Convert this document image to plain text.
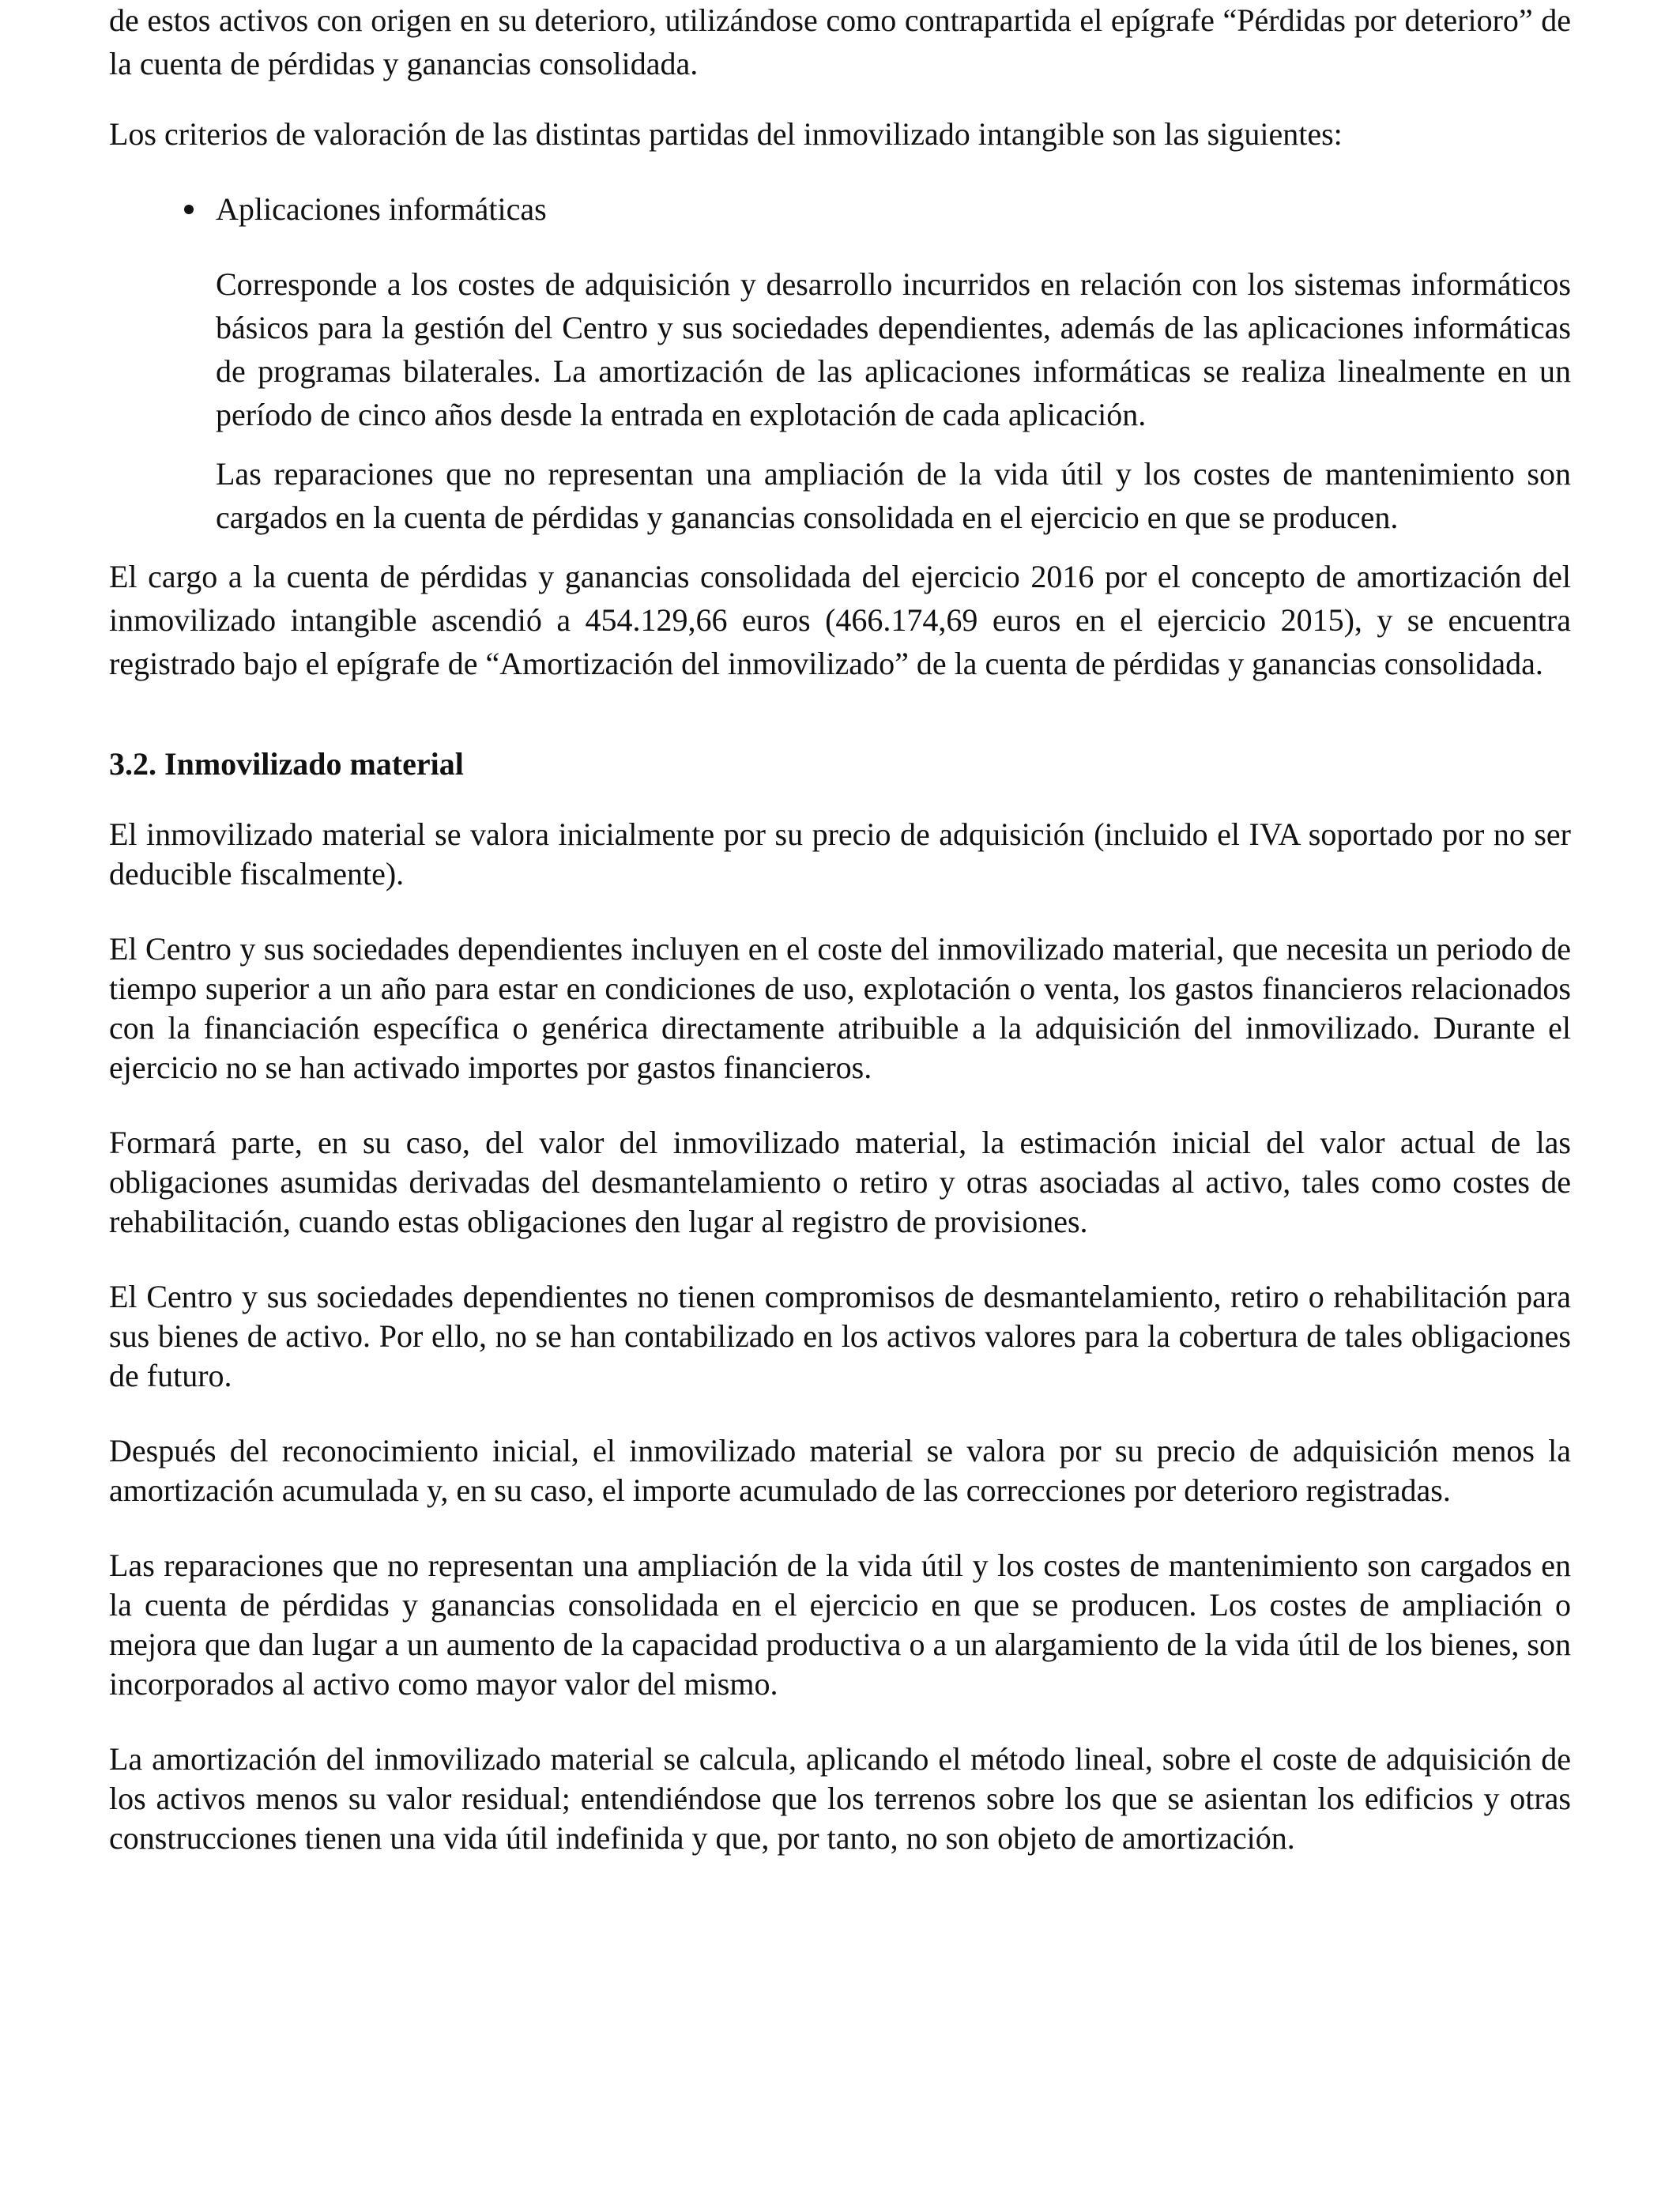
de estos activos con origen en su deterioro, utilizándose como contrapartida el epígrafe “Pérdidas por deterioro” de la cuenta de pérdidas y ganancias consolidada.

Los criterios de valoración de las distintas partidas del inmovilizado intangible son las siguientes:

Aplicaciones informáticas

Corresponde a los costes de adquisición y desarrollo incurridos en relación con los sistemas informáticos básicos para la gestión del Centro y sus sociedades dependientes, además de las aplicaciones informáticas de programas bilaterales. La amortización de las aplicaciones informáticas se realiza linealmente en un período de cinco años desde la entrada en explotación de cada aplicación.

Las reparaciones que no representan una ampliación de la vida útil y los costes de mantenimiento son cargados en la cuenta de pérdidas y ganancias consolidada en el ejercicio en que se producen.

El cargo a la cuenta de pérdidas y ganancias consolidada del ejercicio 2016 por el concepto de amortización del inmovilizado intangible ascendió a 454.129,66 euros (466.174,69 euros en el ejercicio 2015), y se encuentra registrado bajo el epígrafe de “Amortización del inmovilizado” de la cuenta de pérdidas y ganancias consolidada.

3.2. Inmovilizado material

El inmovilizado material se valora inicialmente por su precio de adquisición (incluido el IVA soportado por no ser deducible fiscalmente).

El Centro y sus sociedades dependientes incluyen en el coste del inmovilizado material, que necesita un periodo de tiempo superior a un año para estar en condiciones de uso, explotación o venta, los gastos financieros relacionados con la financiación específica o genérica directamente atribuible a la adquisición del inmovilizado. Durante el ejercicio no se han activado importes por gastos financieros.

Formará parte, en su caso, del valor del inmovilizado material, la estimación inicial del valor actual de las obligaciones asumidas derivadas del desmantelamiento o retiro y otras asociadas al activo, tales como costes de rehabilitación, cuando estas obligaciones den lugar al registro de provisiones.

El Centro y sus sociedades dependientes no tienen compromisos de desmantelamiento, retiro o rehabilitación para sus bienes de activo. Por ello, no se han contabilizado en los activos valores para la cobertura de tales obligaciones de futuro.

Después del reconocimiento inicial, el inmovilizado material se valora por su precio de adquisición menos la amortización acumulada y, en su caso, el importe acumulado de las correcciones por deterioro registradas.

Las reparaciones que no representan una ampliación de la vida útil y los costes de mantenimiento son cargados en la cuenta de pérdidas y ganancias consolidada en el ejercicio en que se producen. Los costes de ampliación o mejora que dan lugar a un aumento de la capacidad productiva o a un alargamiento de la vida útil de los bienes, son incorporados al activo como mayor valor del mismo.

La amortización del inmovilizado material se calcula, aplicando el método lineal, sobre el coste de adquisición de los activos menos su valor residual; entendiéndose que los terrenos sobre los que se asientan los edificios y otras construcciones tienen una vida útil indefinida y que, por tanto, no son objeto de amortización.
